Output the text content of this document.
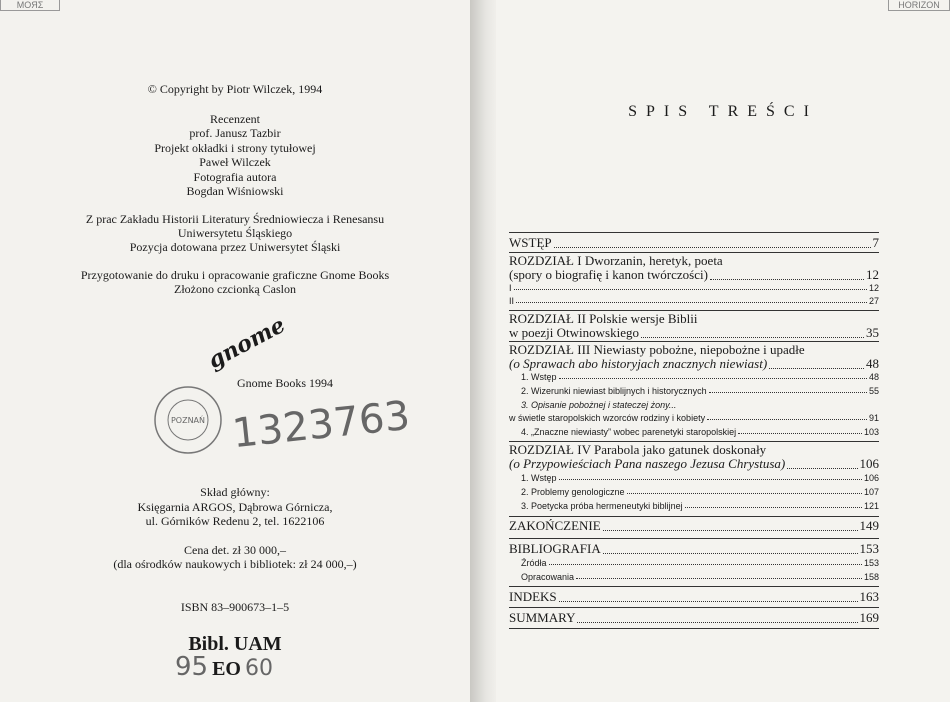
MOЯΣ
© Copyright by Piotr Wilczek, 1994
Recenzent
prof. Janusz Tazbir
Projekt okładki i strony tytułowej
Paweł Wilczek
Fotografia autora
Bogdan Wiśniowski
Z prac Zakładu Historii Literatury Średniowiecza i Renesansu
Uniwersytetu Śląskiego
Pozycja dotowana przez Uniwersytet Śląski
Przygotowanie do druku i opracowanie graficzne Gnome Books
Złożono czcionką Caslon
gnome
Gnome Books 1994
POZNAŃ 1323763
Skład główny:
Księgarnia ARGOS, Dąbrowa Górnicza,
ul. Górników Redenu 2, tel. 1622106
Cena det. zł 30 000,–
(dla ośrodków naukowych i bibliotek: zł 24 000,–)
ISBN 83–900673–1–5
Bibl. UAM
95 EO 60
HORIZON
SPIS TREŚCI
WSTĘP	7
ROZDZIAŁ I Dworzanin, heretyk, poeta
(spory o biografię i kanon twórczości)	12
I	12
II	27
ROZDZIAŁ II Polskie wersje Biblii
w poezji Otwinowskiego	35
ROZDZIAŁ III Niewiasty pobożne, niepobożne i upadłe
(o Sprawach abo historyjach znacznych niewiast)	48
1. Wstęp	48
2. Wizerunki niewiast biblijnych i historycznych	55
3. Opisanie pobożnej i stateczej żony...
w świetle staropolskich wzorców rodziny i kobiety	91
4. „Znaczne niewiasty” wobec parenetyki staropolskiej	103
ROZDZIAŁ IV Parabola jako gatunek doskonały
(o Przypowieściach Pana naszego Jezusa Chrystusa)	106
1. Wstęp	106
2. Problemy genologiczne	107
3. Poetycka próba hermeneutyki biblijnej	121
ZAKOŃCZENIE	149
BIBLIOGRAFIA	153
Źródła	153
Opracowania	158
INDEKS	163
SUMMARY	169
